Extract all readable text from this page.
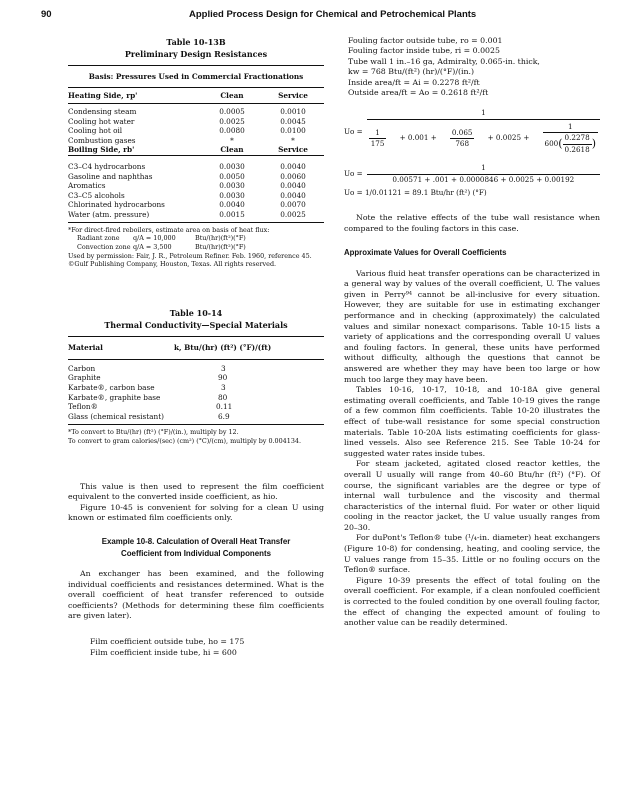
90	Applied Process Design for Chemical and Petrochemical Plants
Table 10-13B
Preliminary Design Resistances
Basis: Pressures Used in Commercial Fractionations
Heating Side, rp'	Clean	Service

Condensing steam	0.0005	0.0010
Cooling hot water	0.0025	0.0045
Cooling hot oil	0.0080	0.0100
Combustion gases	*	*
Boiling Side, rb'	Clean	Service

C3–C4 hydrocarbons	0.0030	0.0040
Gasoline and naphthas	0.0050	0.0060
Aromatics	0.0030	0.0040
C3–C5 alcohols	0.0030	0.0040
Chlorinated hydrocarbons	0.0040	0.0070
Water (atm. pressure)	0.0015	0.0025
*For direct-fired reboilers, estimate area on basis of heat flux:
Radiant zone q/A = 10,000	Btu/(hr)(ft²)(°F)
Convection zone q/A = 3,500	Btu/(hr)(ft²)(°F)
Used by permission: Fair, J. R., Petroleum Refiner. Feb. 1960, reference 45.
©Gulf Publishing Company, Houston, Texas. All rights reserved.
Table 10-14
Thermal Conductivity—Special Materials
Material	k, Btu/(hr) (ft²) (°F)/(ft)

Carbon	3
Graphite	90
Karbate®, carbon base	3
Karbate®, graphite base	80
Teflon®	0.11
Glass (chemical resistant)	6.9
*To convert to Btu/(hr) (ft²) (°F)/(in.), multiply by 12.
To convert to gram calories/(sec) (cm²) (°C)/(cm), multiply by 0.004134.

This value is then used to represent the film coefficient equivalent to the converted inside coefficient, as hio.

Figure 10-45 is convenient for solving for a clean U using known or estimated film coefficients only.

Example 10-8. Calculation of Overall Heat Transfer
Coefficient from Individual Components

An exchanger has been examined, and the following individual coefficients and resistances determined. What is the overall coefficient of heat transfer referenced to outside coefficients? (Methods for determining these film coefficients are given later).

Film coefficient outside tube, ho = 175
Film coefficient inside tube, hi = 600
Fouling factor outside tube, ro = 0.001
Fouling factor inside tube, ri = 0.0025
Tube wall 1 in.–16 ga, Admiralty, 0.065-in. thick,
kw = 768 Btu/(ft²) (hr)/(°F)/(in.)
Inside area/ft = Ai = 0.2278 ft²/ft
Outside area/ft = Ao = 0.2618 ft²/ft
Uo =
1
$\frac{1}{175} + 0.001 + \frac{0.065}{768} + 0.0025 + \frac{1}{600 ( \frac{0.2278}{0.2618} )}$
$Uo = \frac{1}{0.00571 + .001 + 0.0000846 + 0.0025 + 0.00192}$
Uo = 1/0.01121 = 89.1 Btu/hr (ft²) (°F)

Note the relative effects of the tube wall resistance when compared to the fouling factors in this case.

Approximate Values for Overall Coefficients

Various fluid heat transfer operations can be characterized in a general way by values of the overall coefficient, U. The values given in Perry⁹⁴ cannot be all-inclusive for every situation. However, they are suitable for use in estimating exchanger performance and in checking (approximately) the calculated values and similar nonexact comparisons. Table 10-15 lists a variety of applications and the corresponding overall U values and fouling factors. In general, these units have performed without difficulty, although the questions that cannot be answered are whether they may have been too large or how much too large they may have been.

Tables 10-16, 10-17, 10-18, and 10-18A give general estimating overall coefficients, and Table 10-19 gives the range of a few common film coefficients. Table 10-20 illustrates the effect of tube-wall resistance for some special construction materials. Table 10-20A lists estimating coefficients for glass-lined vessels. Also see Reference 215. See Table 10-24 for suggested water rates inside tubes.

For steam jacketed, agitated closed reactor kettles, the overall U usually will range from 40–60 Btu/hr (ft²) (°F). Of course, the significant variables are the degree or type of internal wall turbulence and the viscosity and thermal characteristics of the internal fluid. For water or other liquid cooling in the reactor jacket, the U value usually ranges from 20–30.

For duPont's Teflon® tube (¹/₄-in. diameter) heat exchangers (Figure 10-8) for condensing, heating, and cooling service, the U values range from 15–35. Little or no fouling occurs on the Teflon® surface.

Figure 10-39 presents the effect of total fouling on the overall coefficient. For example, if a clean nonfouled coefficient is corrected to the fouled condition by one overall fouling factor, the effect of changing the expected amount of fouling to another value can be readily determined.
